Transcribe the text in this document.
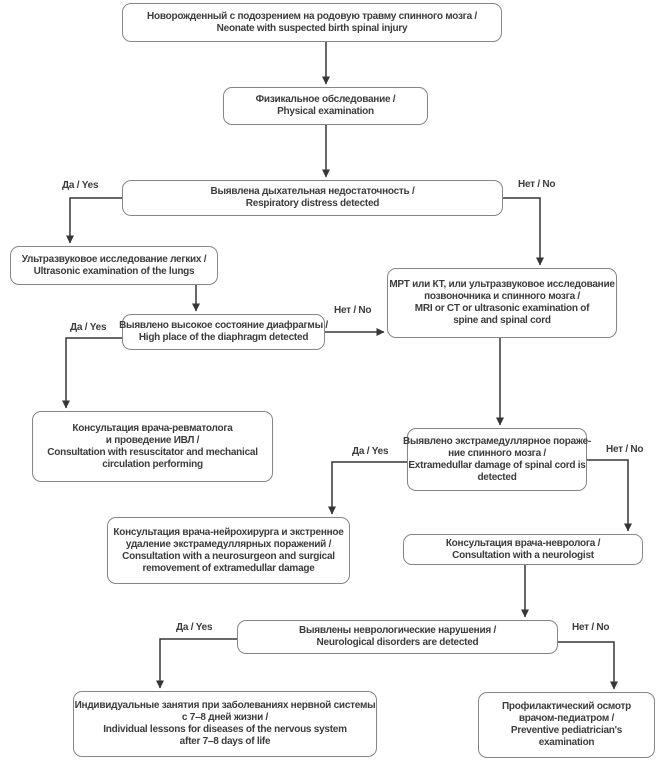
Новорожденный с подозрением на родовую травму спинного мозга /
Neonate with suspected birth spinal injury
Физикальное обследование /
Physical examination
Выявлена дыхательная недостаточность /
Respiratory distress detected
Ультразвуковое исследование легких /
Ultrasonic examination of the lungs
Выявлено высокое состояние диафрагмы /
High place of the diaphragm detected
МРТ или КТ, или ультразвуковое исследование
позвоночника и спинного мозга /
MRI or CT or ultrasonic examination of
spine and spinal cord
Консультация врача-ревматолога
и проведение ИВЛ /
Consultation with resuscitator and mechanical
circulation performing
Выявлено экстрамедуллярное пораже-
ние спинного мозга /
Extramedullar damage of spinal cord is
detected
Консультация врача-нейрохирурга и экстренное
удаление экстрамедуллярных поражений /
Consultation with a neurosurgeon and surgical
removement of extramedullar damage
Консультация врача-невролога /
Consultation with a neurologist
Выявлены неврологические нарушения /
Neurological disorders are detected
Индивидуальные занятия при заболеваниях нервной системы
с 7–8 дней жизни /
Individual lessons for diseases of the nervous system
after 7–8 days of life
Профилактический осмотр
врачом-педиатром /
Preventive pediatrician's
examination
Да / Yes	Нет / No
Да / Yes
Нет / No
Да / Yes	Нет / No
Да / Yes	Нет / No
